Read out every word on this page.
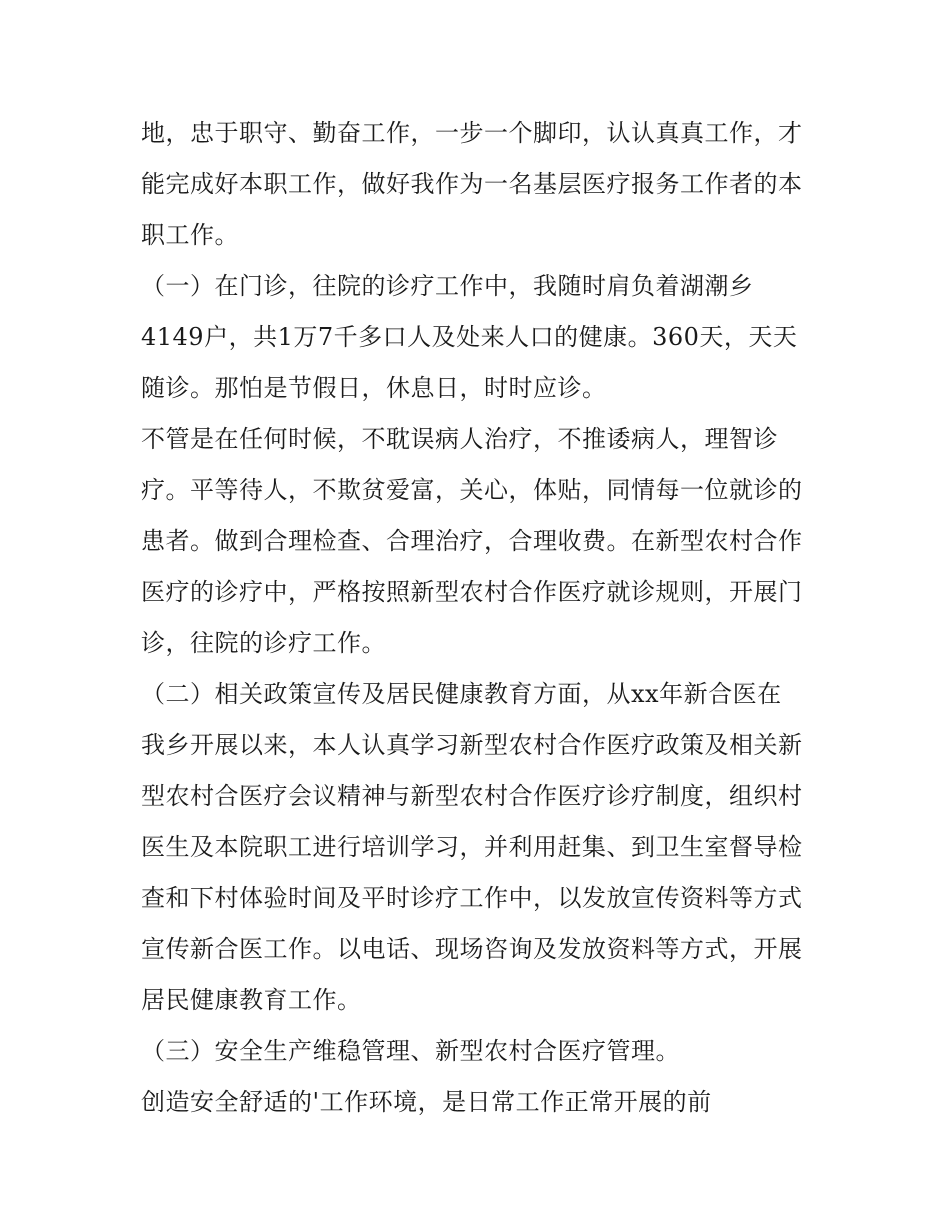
地，忠于职守、勤奋工作，一步一个脚印，认认真真工作，才
能完成好本职工作，做好我作为一名基层医疗报务工作者的本
职工作。
（一）在门诊，往院的诊疗工作中，我随时肩负着湖潮乡
4149户，共1万7千多口人及处来人口的健康。360天，天天
随诊。那怕是节假日，休息日，时时应诊。
不管是在任何时候，不耽误病人治疗，不推诿病人，理智诊
疗。平等待人，不欺贫爱富，关心，体贴，同情每一位就诊的
患者。做到合理检查、合理治疗，合理收费。在新型农村合作
医疗的诊疗中，严格按照新型农村合作医疗就诊规则，开展门
诊，往院的诊疗工作。
（二）相关政策宣传及居民健康教育方面，从xx年新合医在
我乡开展以来，本人认真学习新型农村合作医疗政策及相关新
型农村合医疗会议精神与新型农村合作医疗诊疗制度，组织村
医生及本院职工进行培训学习，并利用赶集、到卫生室督导检
查和下村体验时间及平时诊疗工作中，以发放宣传资料等方式
宣传新合医工作。以电话、现场咨询及发放资料等方式，开展
居民健康教育工作。
（三）安全生产维稳管理、新型农村合医疗管理。
创造安全舒适的'工作环境，是日常工作正常开展的前
